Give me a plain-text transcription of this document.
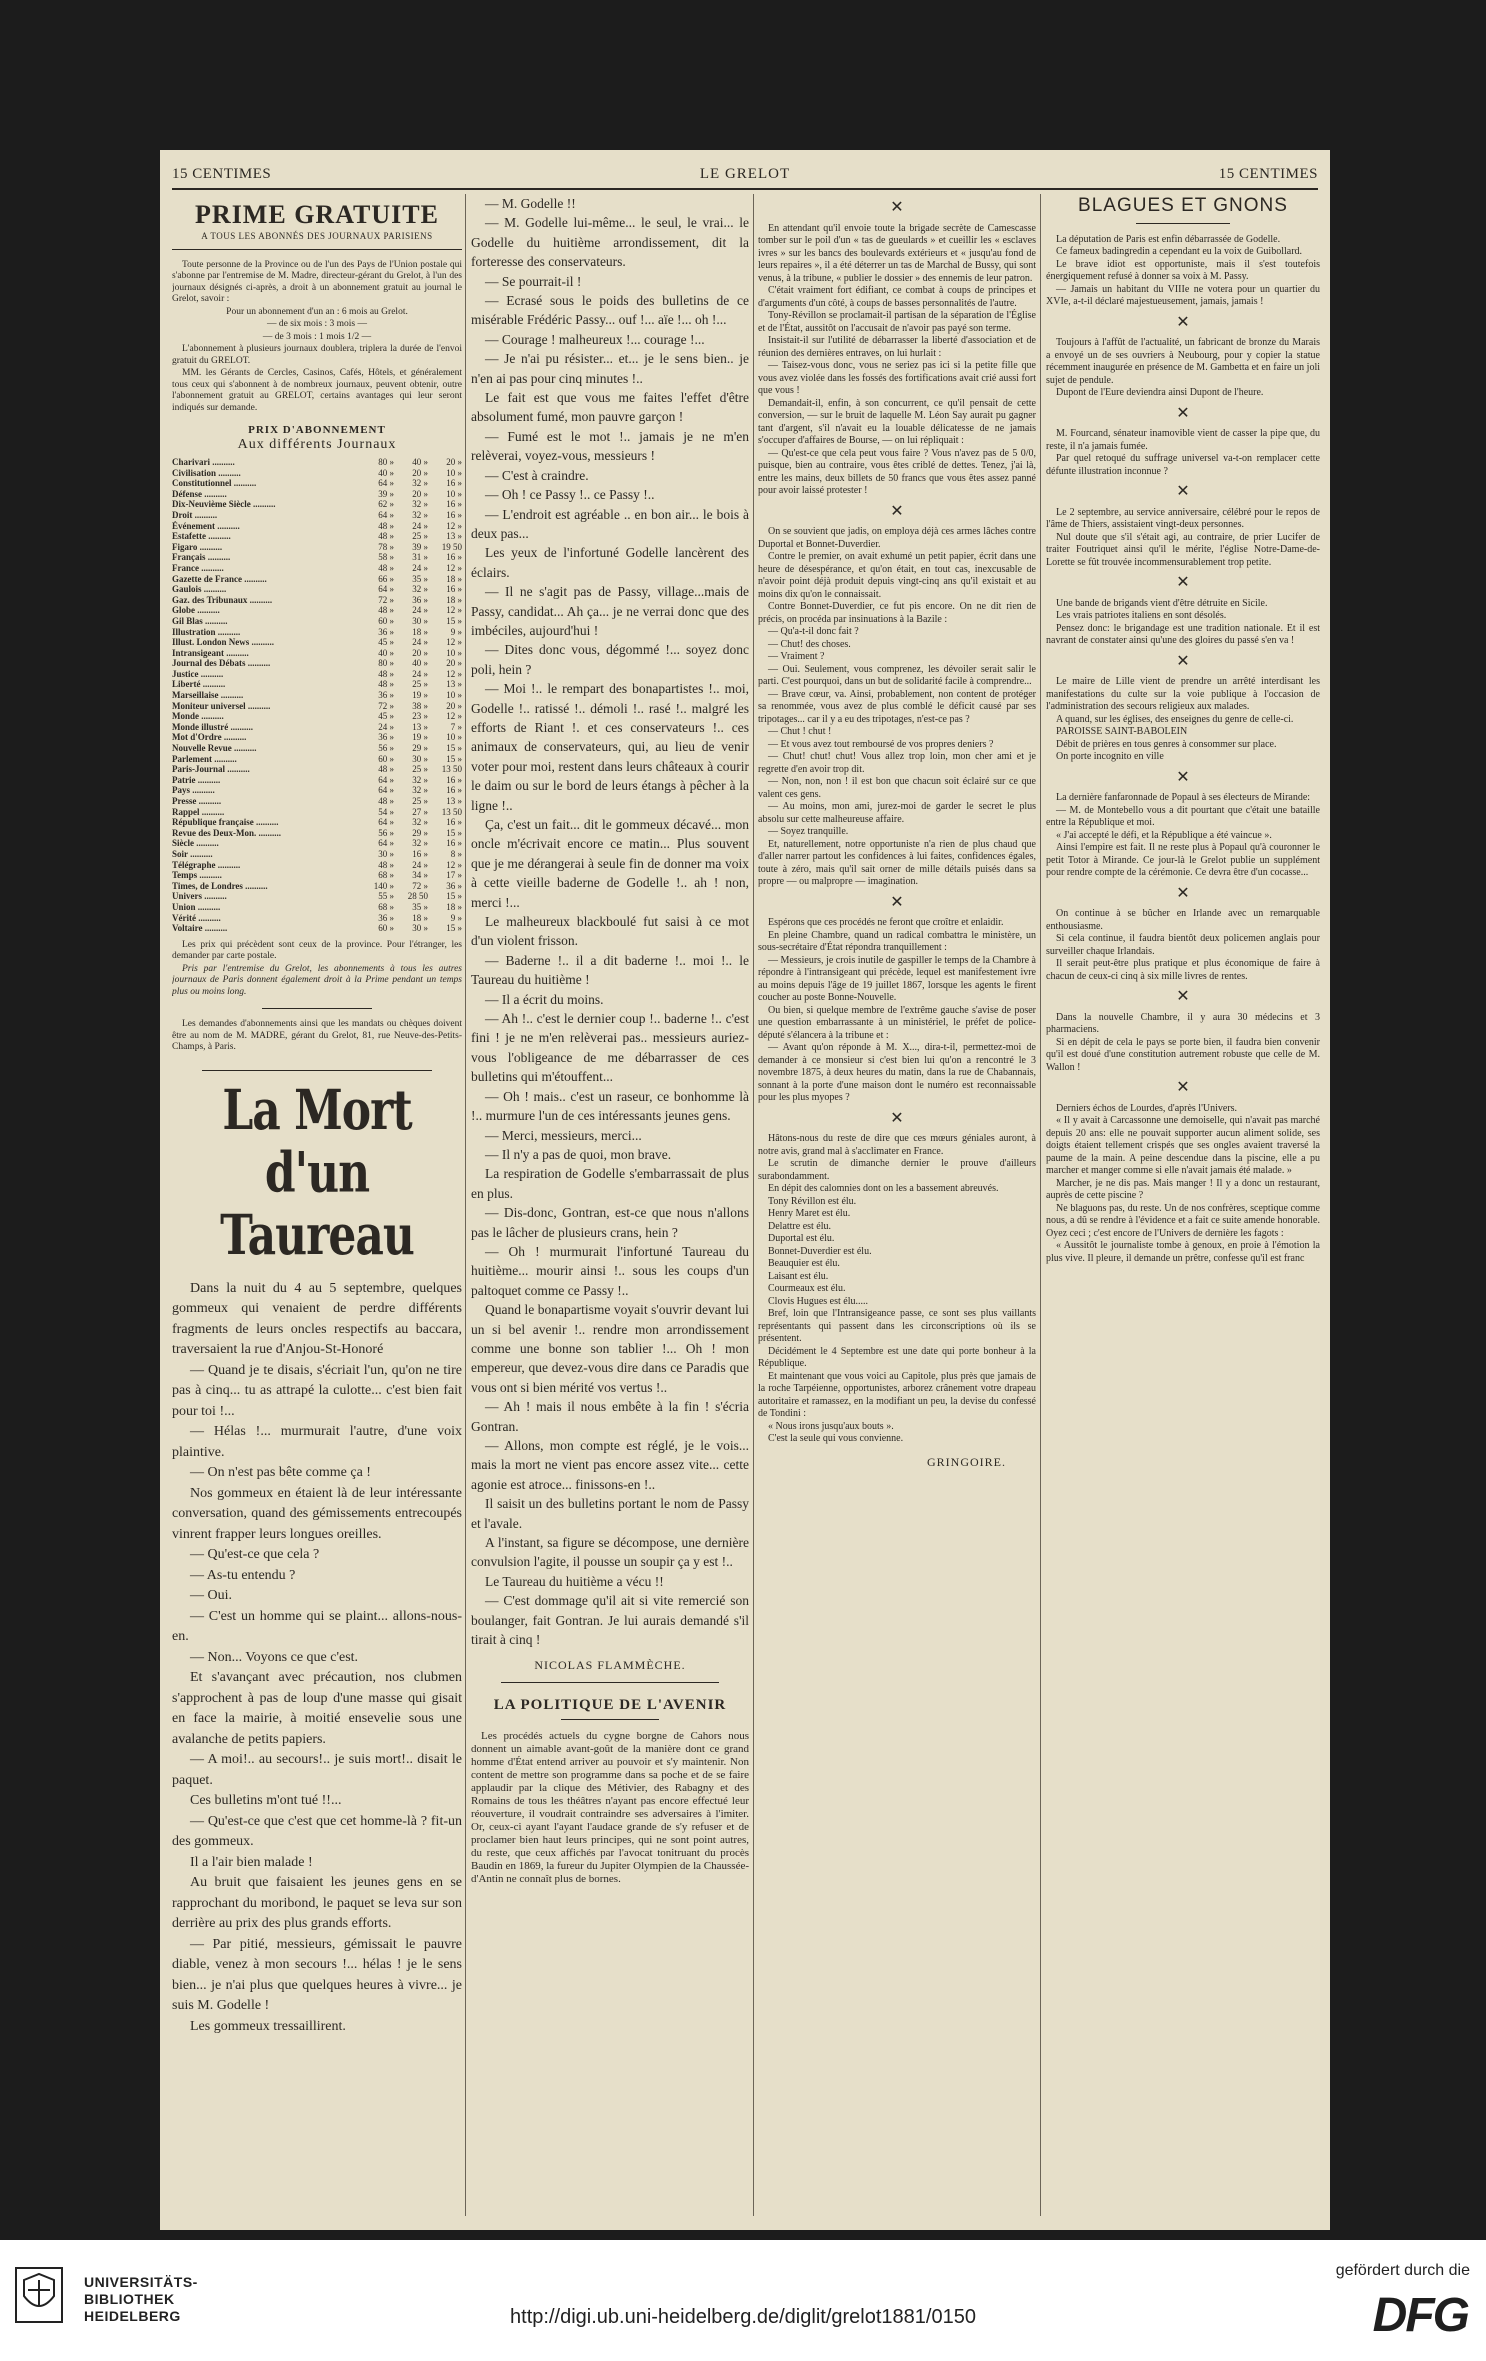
15 CENTIMES	LE GRELOT	15 CENTIMES
PRIME GRATUITE
A TOUS LES ABONNÉS DES JOURNAUX PARISIENS

Toute personne de la Province ou de l'un des Pays de l'Union postale qui s'abonne par l'entremise de M. Madre, directeur-gérant du Grelot, à l'un des journaux désignés ci-après, a droit à un abonnement gratuit au journal le Grelot, savoir :

Pour un abonnement d'un an : 6 mois au Grelot.

— de six mois : 3 mois —

— de 3 mois : 1 mois 1/2 —

L'abonnement à plusieurs journaux doublera, triplera la durée de l'envoi gratuit du GRELOT.

MM. les Gérants de Cercles, Casinos, Cafés, Hôtels, et généralement tous ceux qui s'abonnent à de nombreux journaux, peuvent obtenir, outre l'abonnement gratuit au GRELOT, certains avantages qui leur seront indiqués sur demande.

PRIX D'ABONNEMENT
Aux différents Journaux
Charivari ..........	80 »	40 »	20 »
Civilisation ..........	40 »	20 »	10 »
Constitutionnel ..........	64 »	32 »	16 »
Défense ..........	39 »	20 »	10 »
Dix-Neuvième Siècle ..........	62 »	32 »	16 »
Droit ..........	64 »	32 »	16 »
Événement ..........	48 »	24 »	12 »
Estafette ..........	48 »	25 »	13 »
Figaro ..........	78 »	39 »	19 50
Français ..........	58 »	31 »	16 »
France ..........	48 »	24 »	12 »
Gazette de France ..........	66 »	35 »	18 »
Gaulois ..........	64 »	32 »	16 »
Gaz. des Tribunaux ..........	72 »	36 »	18 »
Globe ..........	48 »	24 »	12 »
Gil Blas ..........	60 »	30 »	15 »
Illustration ..........	36 »	18 »	9 »
Illust. London News ..........	45 »	24 »	12 »
Intransigeant ..........	40 »	20 »	10 »
Journal des Débats ..........	80 »	40 »	20 »
Justice ..........	48 »	24 »	12 »
Liberté ..........	48 »	25 »	13 »
Marseillaise ..........	36 »	19 »	10 »
Moniteur universel ..........	72 »	38 »	20 »
Monde ..........	45 »	23 »	12 »
Monde illustré ..........	24 »	13 »	7 »
Mot d'Ordre ..........	36 »	19 »	10 »
Nouvelle Revue ..........	56 »	29 »	15 »
Parlement ..........	60 »	30 »	15 »
Paris-Journal ..........	48 »	25 »	13 50
Patrie ..........	64 »	32 »	16 »
Pays ..........	64 »	32 »	16 »
Presse ..........	48 »	25 »	13 »
Rappel ..........	54 »	27 »	13 50
République française ..........	64 »	32 »	16 »
Revue des Deux-Mon. ..........	56 »	29 »	15 »
Siècle ..........	64 »	32 »	16 »
Soir ..........	30 »	16 »	8 »
Télégraphe ..........	48 »	24 »	12 »
Temps ..........	68 »	34 »	17 »
Times, de Londres ..........	140 »	72 »	36 »
Univers ..........	55 »	28 50	15 »
Union ..........	68 »	35 »	18 »
Vérité ..........	36 »	18 »	9 »
Voltaire ..........	60 »	30 »	15 »

Les prix qui précèdent sont ceux de la province. Pour l'étranger, les demander par carte postale.

Pris par l'entremise du Grelot, les abonnements à tous les autres journaux de Paris donnent également droit à la Prime pendant un temps plus ou moins long.

Les demandes d'abonnements ainsi que les mandats ou chèques doivent être au nom de M. MADRE, gérant du Grelot, 81, rue Neuve-des-Petits-Champs, à Paris.

La Mort d'un Taureau

Dans la nuit du 4 au 5 septembre, quelques gommeux qui venaient de perdre différents fragments de leurs oncles respectifs au baccara, traversaient la rue d'Anjou-St-Honoré

— Quand je te disais, s'écriait l'un, qu'on ne tire pas à cinq... tu as attrapé la culotte... c'est bien fait pour toi !...

— Hélas !... murmurait l'autre, d'une voix plaintive.

— On n'est pas bête comme ça !

Nos gommeux en étaient là de leur intéressante conversation, quand des gémissements entrecoupés vinrent frapper leurs longues oreilles.

— Qu'est-ce que cela ?

— As-tu entendu ?

— Oui.

— C'est un homme qui se plaint... allons-nous-en.

— Non... Voyons ce que c'est.

Et s'avançant avec précaution, nos clubmen s'approchent à pas de loup d'une masse qui gisait en face la mairie, à moitié ensevelie sous une avalanche de petits papiers.

— A moi!.. au secours!.. je suis mort!.. disait le paquet.

Ces bulletins m'ont tué !!...

— Qu'est-ce que c'est que cet homme-là ? fit-un des gommeux.

Il a l'air bien malade !

Au bruit que faisaient les jeunes gens en se rapprochant du moribond, le paquet se leva sur son derrière au prix des plus grands efforts.

— Par pitié, messieurs, gémissait le pauvre diable, venez à mon secours !... hélas ! je le sens bien... je n'ai plus que quelques heures à vivre... je suis M. Godelle !

Les gommeux tressaillirent.

— M. Godelle !!

— M. Godelle lui-même... le seul, le vrai... le Godelle du huitième arrondissement, dit la forteresse des conservateurs.

— Se pourrait-il !

— Ecrasé sous le poids des bulletins de ce misérable Frédéric Passy... ouf !... aïe !... oh !...

— Courage ! malheureux !... courage !...

— Je n'ai pu résister... et... je le sens bien.. je n'en ai pas pour cinq minutes !..

Le fait est que vous me faites l'effet d'être absolument fumé, mon pauvre garçon !

— Fumé est le mot !.. jamais je ne m'en relèverai, voyez-vous, messieurs !

— C'est à craindre.

— Oh ! ce Passy !.. ce Passy !..

— L'endroit est agréable .. en bon air... le bois à deux pas...

Les yeux de l'infortuné Godelle lancèrent des éclairs.

— Il ne s'agit pas de Passy, village...mais de Passy, candidat... Ah ça... je ne verrai donc que des imbéciles, aujourd'hui !

— Dites donc vous, dégommé !... soyez donc poli, hein ?

— Moi !.. le rempart des bonapartistes !.. moi, Godelle !.. ratissé !.. démoli !.. rasé !.. malgré les efforts de Riant !. et ces conservateurs !.. ces animaux de conservateurs, qui, au lieu de venir voter pour moi, restent dans leurs châteaux à courir le daim ou sur le bord de leurs étangs à pêcher à la ligne !..

Ça, c'est un fait... dit le gommeux décavé... mon oncle m'écrivait encore ce matin... Plus souvent que je me dérangerai à seule fin de donner ma voix à cette vieille baderne de Godelle !.. ah ! non, merci !...

Le malheureux blackboulé fut saisi à ce mot d'un violent frisson.

— Baderne !.. il a dit baderne !.. moi !.. le Taureau du huitième !

— Il a écrit du moins.

— Ah !.. c'est le dernier coup !.. baderne !.. c'est fini ! je ne m'en relèverai pas.. messieurs auriez-vous l'obligeance de me débarrasser de ces bulletins qui m'étouffent...

— Oh ! mais.. c'est un raseur, ce bonhomme là !.. murmure l'un de ces intéressants jeunes gens.

— Merci, messieurs, merci...

— Il n'y a pas de quoi, mon brave.

La respiration de Godelle s'embarrassait de plus en plus.

— Dis-donc, Gontran, est-ce que nous n'allons pas le lâcher de plusieurs crans, hein ?

— Oh ! murmurait l'infortuné Taureau du huitième... mourir ainsi !.. sous les coups d'un paltoquet comme ce Passy !..

Quand le bonapartisme voyait s'ouvrir devant lui un si bel avenir !.. rendre mon arrondissement comme une bonne son tablier !... Oh ! mon empereur, que devez-vous dire dans ce Paradis que vous ont si bien mérité vos vertus !..

— Ah ! mais il nous embête à la fin ! s'écria Gontran.

— Allons, mon compte est réglé, je le vois... mais la mort ne vient pas encore assez vite... cette agonie est atroce... finissons-en !..

Il saisit un des bulletins portant le nom de Passy et l'avale.

A l'instant, sa figure se décompose, une dernière convulsion l'agite, il pousse un soupir ça y est !..

Le Taureau du huitième a vécu !!

— C'est dommage qu'il ait si vite remercié son boulanger, fait Gontran. Je lui aurais demandé s'il tirait à cinq !

NICOLAS FLAMMÈCHE.

LA POLITIQUE DE L'AVENIR

Les procédés actuels du cygne borgne de Cahors nous donnent un aimable avant-goût de la manière dont ce grand homme d'État entend arriver au pouvoir et s'y maintenir. Non content de mettre son programme dans sa poche et de se faire applaudir par la clique des Métivier, des Rabagny et des Romains de tous les théâtres n'ayant pas encore effectué leur réouverture, il voudrait contraindre ses adversaires à l'imiter. Or, ceux-ci ayant l'ayant l'audace grande de s'y refuser et de proclamer bien haut leurs principes, qui ne sont point autres, du reste, que ceux affichés par l'avocat tonitruant du procès Baudin en 1869, la fureur du Jupiter Olympien de la Chaussée-d'Antin ne connaît plus de bornes.

✕

En attendant qu'il envoie toute la brigade secrète de Camescasse tomber sur le poil d'un « tas de gueulards » et cueillir les « esclaves ivres » sur les bancs des boulevards extérieurs et « jusqu'au fond de leurs repaires », il a été déterrer un tas de Marchal de Bussy, qui sont venus, à la tribune, « publier le dossier » des ennemis de leur patron.

C'était vraiment fort édifiant, ce combat à coups de principes et d'arguments d'un côté, à coups de basses personnalités de l'autre.

Tony-Révillon se proclamait-il partisan de la séparation de l'Église et de l'État, aussitôt on l'accusait de n'avoir pas payé son terme.

Insistait-il sur l'utilité de débarrasser la liberté d'association et de réunion des dernières entraves, on lui hurlait :

— Taisez-vous donc, vous ne seriez pas ici si la petite fille que vous avez violée dans les fossés des fortifications avait crié aussi fort que vous !

Demandait-il, enfin, à son concurrent, ce qu'il pensait de cette conversion, — sur le bruit de laquelle M. Léon Say aurait pu gagner tant d'argent, s'il n'avait eu la louable délicatesse de ne jamais s'occuper d'affaires de Bourse, — on lui répliquait :

— Qu'est-ce que cela peut vous faire ? Vous n'avez pas de 5 0/0, puisque, bien au contraire, vous êtes criblé de dettes. Tenez, j'ai là, entre les mains, deux billets de 50 francs que vous êtes assez panné pour avoir laissé protester !

✕

On se souvient que jadis, on employa déjà ces armes lâches contre Duportal et Bonnet-Duverdier.

Contre le premier, on avait exhumé un petit papier, écrit dans une heure de désespérance, et qu'on était, en tout cas, inexcusable de n'avoir point déjà produit depuis vingt-cinq ans qu'il existait et au moins dix qu'on le connaissait.

Contre Bonnet-Duverdier, ce fut pis encore. On ne dit rien de précis, on procéda par insinuations à la Bazile :

— Qu'a-t-il donc fait ?

— Chut! des choses.

— Vraiment ?

— Oui. Seulement, vous comprenez, les dévoiler serait salir le parti. C'est pourquoi, dans un but de solidarité facile à comprendre...

— Brave cœur, va. Ainsi, probablement, non content de protéger sa renommée, vous avez de plus comblé le déficit causé par ses tripotages... car il y a eu des tripotages, n'est-ce pas ?

— Chut ! chut !

— Et vous avez tout remboursé de vos propres deniers ?

— Chut! chut! chut! Vous allez trop loin, mon cher ami et je regrette d'en avoir trop dit.

— Non, non, non ! il est bon que chacun soit éclairé sur ce que valent ces gens.

— Au moins, mon ami, jurez-moi de garder le secret le plus absolu sur cette malheureuse affaire.

— Soyez tranquille.

Et, naturellement, notre opportuniste n'a rien de plus chaud que d'aller narrer partout les confidences à lui faites, confidences égales, toute à zéro, mais qu'il sait orner de mille détails puisés dans sa propre — ou malpropre — imagination.

✕

Espérons que ces procédés ne feront que croître et enlaidir.

En pleine Chambre, quand un radical combattra le ministère, un sous-secrétaire d'État répondra tranquillement :

— Messieurs, je crois inutile de gaspiller le temps de la Chambre à répondre à l'intransigeant qui précède, lequel est manifestement ivre au moins depuis l'âge de 19 juillet 1867, lorsque les agents le firent coucher au poste Bonne-Nouvelle.

Ou bien, si quelque membre de l'extrême gauche s'avise de poser une question embarrassante à un ministériel, le préfet de police-député s'élancera à la tribune et :

— Avant qu'on réponde à M. X..., dira-t-il, permettez-moi de demander à ce monsieur si c'est bien lui qu'on a rencontré le 3 novembre 1875, à deux heures du matin, dans la rue de Chabannais, sonnant à la porte d'une maison dont le numéro est reconnaissable pour les plus myopes ?

✕

Hâtons-nous du reste de dire que ces mœurs géniales auront, à notre avis, grand mal à s'acclimater en France.

Le scrutin de dimanche dernier le prouve d'ailleurs surabondamment.

En dépit des calomnies dont on les a bassement abreuvés.

Tony Révillon est élu.

Henry Maret est élu.

Delattre est élu.

Duportal est élu.

Bonnet-Duverdier est élu.

Beauquier est élu.

Laisant est élu.

Courmeaux est élu.

Clovis Hugues est élu.....

Bref, loin que l'Intransigeance passe, ce sont ses plus vaillants représentants qui passent dans les circonscriptions où ils se présentent.

Décidément le 4 Septembre est une date qui porte bonheur à la République.

Et maintenant que vous voici au Capitole, plus près que jamais de la roche Tarpéienne, opportunistes, arborez crânement votre drapeau autoritaire et ramassez, en la modifiant un peu, la devise du confessé de Tondini :

« Nous irons jusqu'aux bouts ».

C'est la seule qui vous convienne.

GRINGOIRE.

BLAGUES ET GNONS

La députation de Paris est enfin débarrassée de Godelle.

Ce fameux badingredin a cependant eu la voix de Guibollard.

Le brave idiot est opportuniste, mais il s'est toutefois énergiquement refusé à donner sa voix à M. Passy.

— Jamais un habitant du VIIIe ne votera pour un quartier du XVIe, a-t-il déclaré majestueusement, jamais, jamais !

✕

Toujours à l'affût de l'actualité, un fabricant de bronze du Marais a envoyé un de ses ouvriers à Neubourg, pour y copier la statue récemment inaugurée en présence de M. Gambetta et en faire un joli sujet de pendule.

Dupont de l'Eure deviendra ainsi Dupont de l'heure.

✕

M. Fourcand, sénateur inamovible vient de casser la pipe que, du reste, il n'a jamais fumée.

Par quel retoqué du suffrage universel va-t-on remplacer cette défunte illustration inconnue ?

✕

Le 2 septembre, au service anniversaire, célébré pour le repos de l'âme de Thiers, assistaient vingt-deux personnes.

Nul doute que s'il s'était agi, au contraire, de prier Lucifer de traiter Foutriquet ainsi qu'il le mérite, l'église Notre-Dame-de-Lorette se fût trouvée incommensurablement trop petite.

✕

Une bande de brigands vient d'être détruite en Sicile.

Les vrais patriotes italiens en sont désolés.

Pensez donc: le brigandage est une tradition nationale. Et il est navrant de constater ainsi qu'une des gloires du passé s'en va !

✕

Le maire de Lille vient de prendre un arrêté interdisant les manifestations du culte sur la voie publique à l'occasion de l'administration des secours religieux aux malades.

A quand, sur les églises, des enseignes du genre de celle-ci.

PAROISSE SAINT-BABOLEIN

Débit de prières en tous genres à consommer sur place.

On porte incognito en ville

✕

La dernière fanfaronnade de Popaul à ses électeurs de Mirande:

— M. de Montebello vous a dit pourtant que c'était une bataille entre la République et moi.

« J'ai accepté le défi, et la République a été vaincue ».

Ainsi l'empire est fait. Il ne reste plus à Popaul qu'à couronner le petit Totor à Mirande. Ce jour-là le Grelot publie un supplément pour rendre compte de la cérémonie. Ce devra être d'un cocasse...

✕

On continue à se bûcher en Irlande avec un remarquable enthousiasme.

Si cela continue, il faudra bientôt deux policemen anglais pour surveiller chaque Irlandais.

Il serait peut-être plus pratique et plus économique de faire à chacun de ceux-ci cinq à six mille livres de rentes.

✕

Dans la nouvelle Chambre, il y aura 30 médecins et 3 pharmaciens.

Si en dépit de cela le pays se porte bien, il faudra bien convenir qu'il est doué d'une constitution autrement robuste que celle de M. Wallon !

✕

Derniers échos de Lourdes, d'après l'Univers.

« Il y avait à Carcassonne une demoiselle, qui n'avait pas marché depuis 20 ans: elle ne pouvait supporter aucun aliment solide, ses doigts étaient tellement crispés que ses ongles avaient traversé la paume de la main. A peine descendue dans la piscine, elle a pu marcher et manger comme si elle n'avait jamais été malade. »

Marcher, je ne dis pas. Mais manger ! Il y a donc un restaurant, auprès de cette piscine ?

Ne blaguons pas, du reste. Un de nos confrères, sceptique comme nous, a dû se rendre à l'évidence et a fait ce suite amende honorable. Oyez ceci ; c'est encore de l'Univers de dernière les fagots :

« Aussitôt le journaliste tombe à genoux, en proie à l'émotion la plus vive. Il pleure, il demande un prêtre, confesse qu'il est franc

UNIVERSITÄTS-
BIBLIOTHEK
HEIDELBERG	http://digi.ub.uni-heidelberg.de/diglit/grelot1881/0150
gefördert durch die
DFG
